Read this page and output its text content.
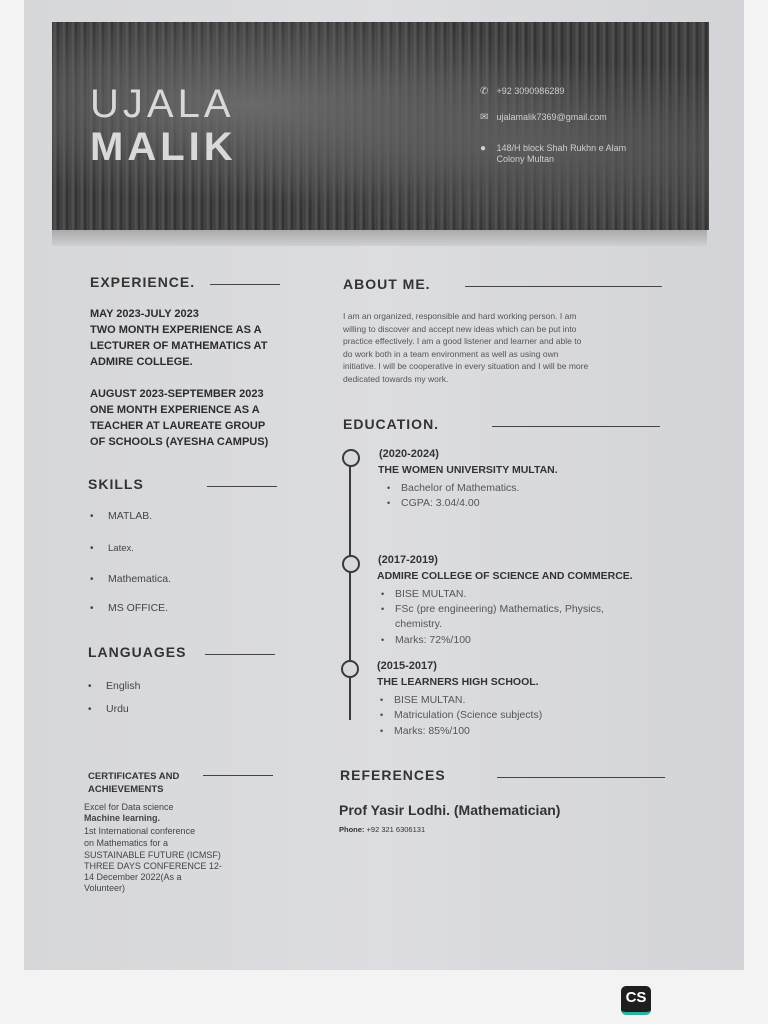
UJALA
MALIK
✆ +92 3090986289
✉ ujalamalik7369@gmail.com
● 148/H block Shah Rukhn e Alam
Colony Multan
EXPERIENCE.
MAY 2023-JULY 2023
TWO MONTH EXPERIENCE AS A
LECTURER OF MATHEMATICS AT
ADMIRE COLLEGE.
AUGUST 2023-SEPTEMBER 2023
ONE MONTH EXPERIENCE AS A
TEACHER AT LAUREATE GROUP
OF SCHOOLS (AYESHA CAMPUS)
ABOUT ME.
I am an organized, responsible and hard working person. I am
willing to discover and accept new ideas which can be put into
practice effectively. I am a good listener and learner and able to
do work both in a team environment as well as using own
initiative. I will be cooperative in every situation and I will be more
dedicated towards my work.
SKILLS
• MATLAB.
• Latex.
• Mathematica.
• MS OFFICE.
LANGUAGES
• English
• Urdu
EDUCATION.
(2020-2024)
THE WOMEN UNIVERSITY MULTAN.
• Bachelor of Mathematics.
• CGPA: 3.04/4.00
(2017-2019)
ADMIRE COLLEGE OF SCIENCE AND COMMERCE.
• BISE MULTAN.
• FSc (pre engineering) Mathematics, Physics,
chemistry.
• Marks: 72%/100
(2015-2017)
THE LEARNERS HIGH SCHOOL.
• BISE MULTAN.
• Matriculation (Science subjects)
• Marks: 85%/100
CERTIFICATES AND
ACHIEVEMENTS
Excel for Data science
Machine learning.
1st International conference
on Mathematics for a
SUSTAINABLE FUTURE (ICMSF)
THREE DAYS CONFERENCE 12-
14 December 2022(As a
Volunteer)
REFERENCES
Prof Yasir Lodhi. (Mathematician)
Phone: +92 321 6306131
CS
